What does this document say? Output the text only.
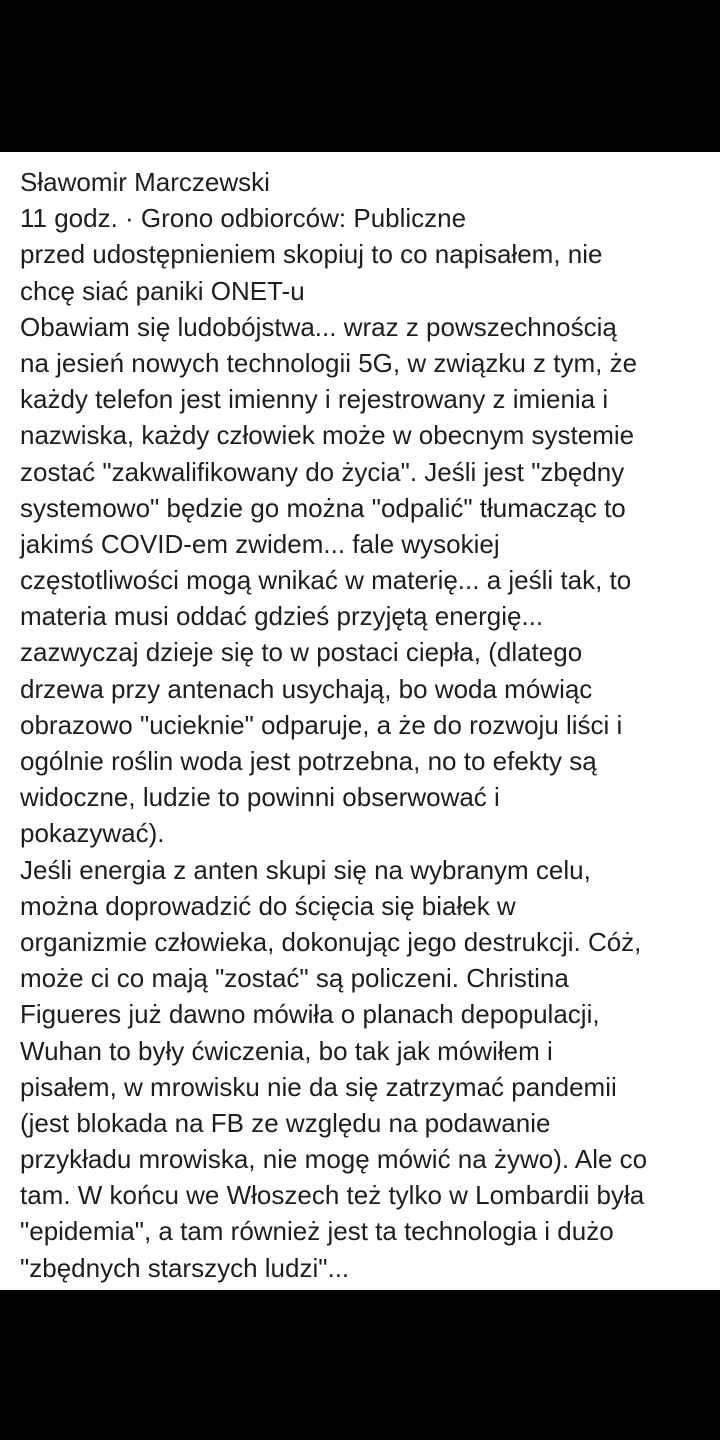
Sławomir Marczewski
11 godz. · Grono odbiorców: Publiczne
przed udostępnieniem skopiuj to co napisałem, nie
chcę siać paniki ONET-u
Obawiam się ludobójstwa... wraz z powszechnością
na jesień nowych technologii 5G, w związku z tym, że
każdy telefon jest imienny i rejestrowany z imienia i
nazwiska, każdy człowiek może w obecnym systemie
zostać "zakwalifikowany do życia". Jeśli jest "zbędny
systemowo" będzie go można "odpalić" tłumacząc to
jakimś COVID-em zwidem... fale wysokiej
częstotliwości mogą wnikać w materię... a jeśli tak, to
materia musi oddać gdzieś przyjętą energię...
zazwyczaj dzieje się to w postaci ciepła, (dlatego
drzewa przy antenach usychają, bo woda mówiąc
obrazowo "ucieknie" odparuje, a że do rozwoju liści i
ogólnie roślin woda jest potrzebna, no to efekty są
widoczne, ludzie to powinni obserwować i
pokazywać).
Jeśli energia z anten skupi się na wybranym celu,
można doprowadzić do ścięcia się białek w
organizmie człowieka, dokonując jego destrukcji. Cóż,
może ci co mają "zostać" są policzeni. Christina
Figueres już dawno mówiła o planach depopulacji,
Wuhan to były ćwiczenia, bo tak jak mówiłem i
pisałem, w mrowisku nie da się zatrzymać pandemii
(jest blokada na FB ze względu na podawanie
przykładu mrowiska, nie mogę mówić na żywo). Ale co
tam. W końcu we Włoszech też tylko w Lombardii była
"epidemia", a tam również jest ta technologia i dużo
"zbędnych starszych ludzi"...
